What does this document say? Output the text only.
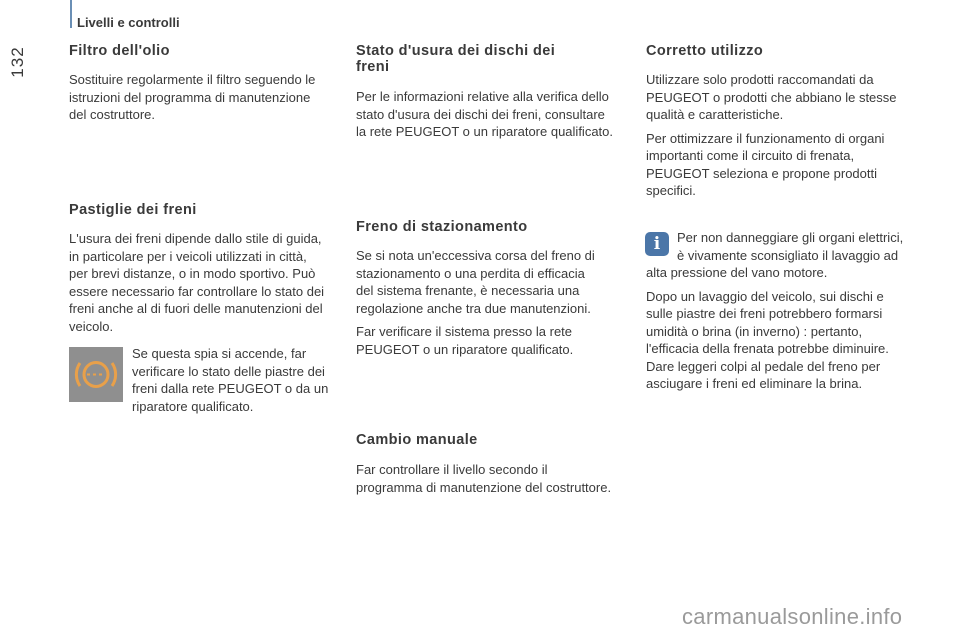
Livelli e controlli
132	Filtro dell'olio

Sostituire regolarmente il filtro seguendo le
istruzioni del programma di manutenzione
del costruttore.

Pastiglie dei freni

L'usura dei freni dipende dallo stile di guida,
in particolare per i veicoli utilizzati in città,
per brevi distanze, o in modo sportivo. Può
essere necessario far controllare lo stato dei
freni anche al di fuori delle manutenzioni del
veicolo.

Se questa spia si accende, far
verificare lo stato delle piastre dei
freni dalla rete PEUGEOT o da un
riparatore qualificato.

Stato d'usura dei dischi dei
freni

Per le informazioni relative alla verifica dello
stato d'usura dei dischi dei freni, consultare
la rete PEUGEOT o un riparatore qualificato.

Freno di stazionamento

Se si nota un'eccessiva corsa del freno di
stazionamento o una perdita di efficacia
del sistema frenante, è necessaria una
regolazione anche tra due manutenzioni.

Far verificare il sistema presso la rete
PEUGEOT o un riparatore qualificato.

Cambio manuale

Far controllare il livello secondo il
programma di manutenzione del costruttore.

Corretto utilizzo

Utilizzare solo prodotti raccomandati da
PEUGEOT o prodotti che abbiano le stesse
qualità e caratteristiche.

Per ottimizzare il funzionamento di organi
importanti come il circuito di frenata,
PEUGEOT seleziona e propone prodotti
specifici.

i	Per non danneggiare gli organi elettrici,
è vivamente sconsigliato il lavaggio ad
alta pressione del vano motore.

Dopo un lavaggio del veicolo, sui dischi e
sulle piastre dei freni potrebbero formarsi
umidità o brina (in inverno) : pertanto,
l'efficacia della frenata potrebbe diminuire.
Dare leggeri colpi al pedale del freno per
asciugare i freni ed eliminare la brina.

carmanualsonline.info
